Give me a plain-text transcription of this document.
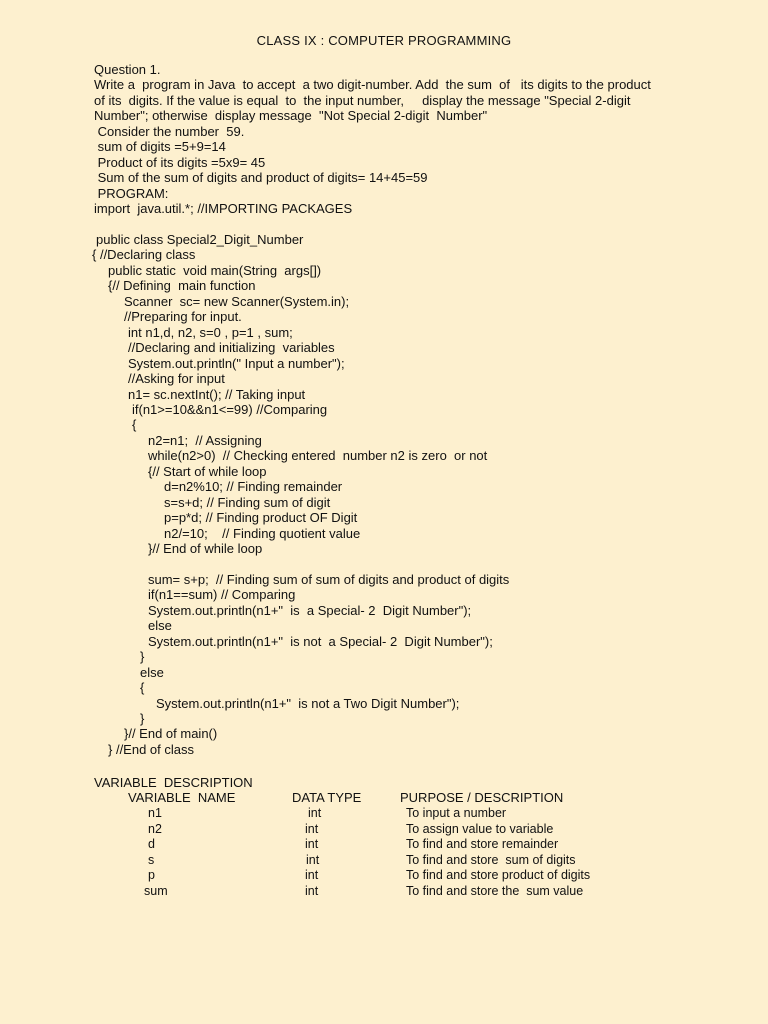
CLASS IX : COMPUTER PROGRAMMING
Question 1.
Write a  program in Java  to accept  a two digit-number. Add  the sum  of   its digits to the product
of its  digits. If the value is equal  to  the input number,     display the message "Special 2-digit
Number"; otherwise  display message  "Not Special 2-digit  Number"
Consider the number  59.
sum of digits =5+9=14
Product of its digits =5x9= 45
Sum of the sum of digits and product of digits= 14+45=59
PROGRAM:
import  java.util.*; //IMPORTING PACKAGES
public class Special2_Digit_Number
{ //Declaring class
public static  void main(String  args[])
{// Defining  main function
Scanner  sc= new Scanner(System.in);
//Preparing for input.
int n1,d, n2, s=0 , p=1 , sum;
//Declaring and initializing  variables
System.out.println(" Input a number");
//Asking for input
n1= sc.nextInt(); // Taking input
if(n1>=10&&n1<=99) //Comparing
{
n2=n1;  // Assigning
while(n2>0)  // Checking entered  number n2 is zero  or not
{// Start of while loop
d=n2%10; // Finding remainder
s=s+d; // Finding sum of digit
p=p*d; // Finding product OF Digit
n2/=10;    // Finding quotient value
}// End of while loop
sum= s+p;  // Finding sum of sum of digits and product of digits
if(n1==sum) // Comparing
System.out.println(n1+"  is  a Special- 2  Digit Number");
else
System.out.println(n1+"  is not  a Special- 2  Digit Number");
}
else
{
System.out.println(n1+"  is not a Two Digit Number");
}
}// End of main()
} //End of class
VARIABLE  DESCRIPTION
VARIABLE  NAME	DATA TYPE	PURPOSE / DESCRIPTION
n1	int	To input a number
n2	int	To assign value to variable
d	int	To find and store remainder
s	int	To find and store  sum of digits
p	int	To find and store product of digits
sum	int	To find and store the  sum value
